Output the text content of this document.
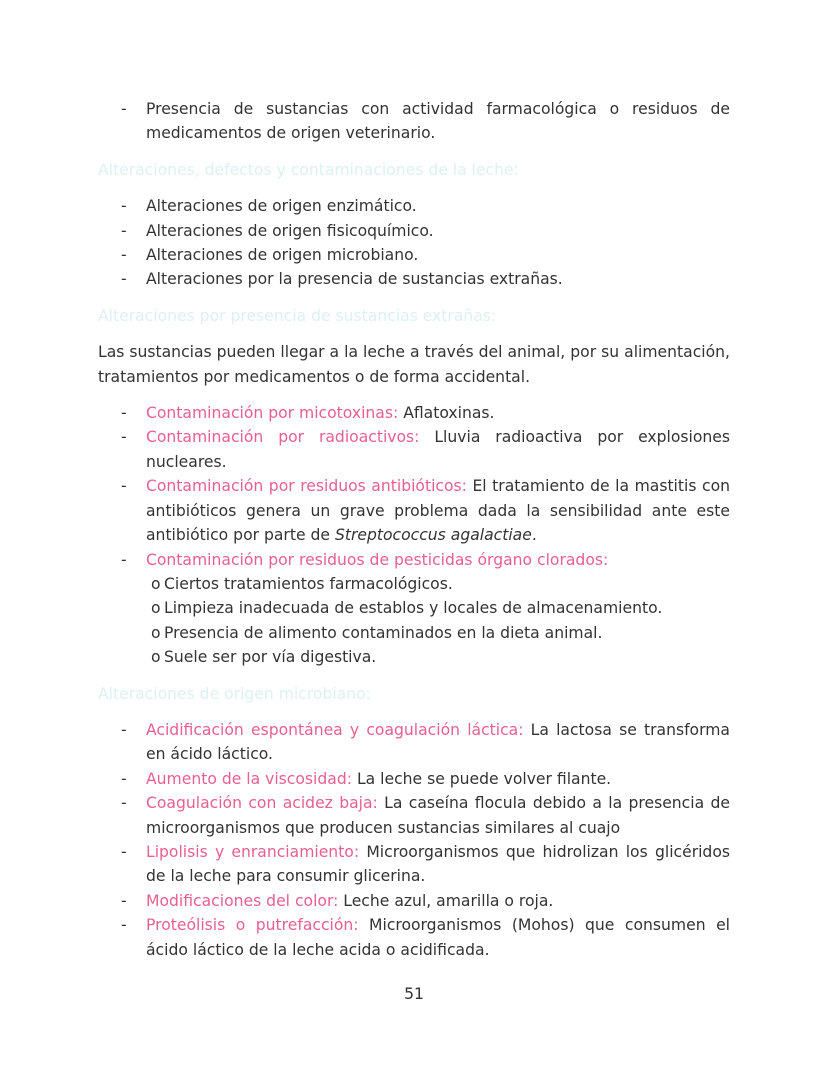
- Presencia de sustancias con actividad farmacológica o residuos de medicamentos de origen veterinario.

Alteraciones, defectos y contaminaciones de la leche:

- Alteraciones de origen enzimático.
- Alteraciones de origen fisicoquímico.
- Alteraciones de origen microbiano.
- Alteraciones por la presencia de sustancias extrañas.

Alteraciones por presencia de sustancias extrañas:

Las sustancias pueden llegar a la leche a través del animal, por su alimentación, tratamientos por medicamentos o de forma accidental.

- Contaminación por micotoxinas: Aflatoxinas.
- Contaminación por radioactivos: Lluvia radioactiva por explosiones nucleares.
- Contaminación por residuos antibióticos: El tratamiento de la mastitis con antibióticos genera un grave problema dada la sensibilidad ante este antibiótico por parte de Streptococcus agalactiae.
- Contaminación por residuos de pesticidas órgano clorados:
o Ciertos tratamientos farmacológicos.
o Limpieza inadecuada de establos y locales de almacenamiento.
o Presencia de alimento contaminados en la dieta animal.
o Suele ser por vía digestiva.

Alteraciones de origen microbiano:

- Acidificación espontánea y coagulación láctica: La lactosa se transforma en ácido láctico.
- Aumento de la viscosidad: La leche se puede volver filante.
- Coagulación con acidez baja: La caseína flocula debido a la presencia de microorganismos que producen sustancias similares al cuajo
- Lipolisis y enranciamiento: Microorganismos que hidrolizan los glicéridos de la leche para consumir glicerina.
- Modificaciones del color: Leche azul, amarilla o roja.
- Proteólisis o putrefacción: Microorganismos (Mohos) que consumen el ácido láctico de la leche acida o acidificada.
51
